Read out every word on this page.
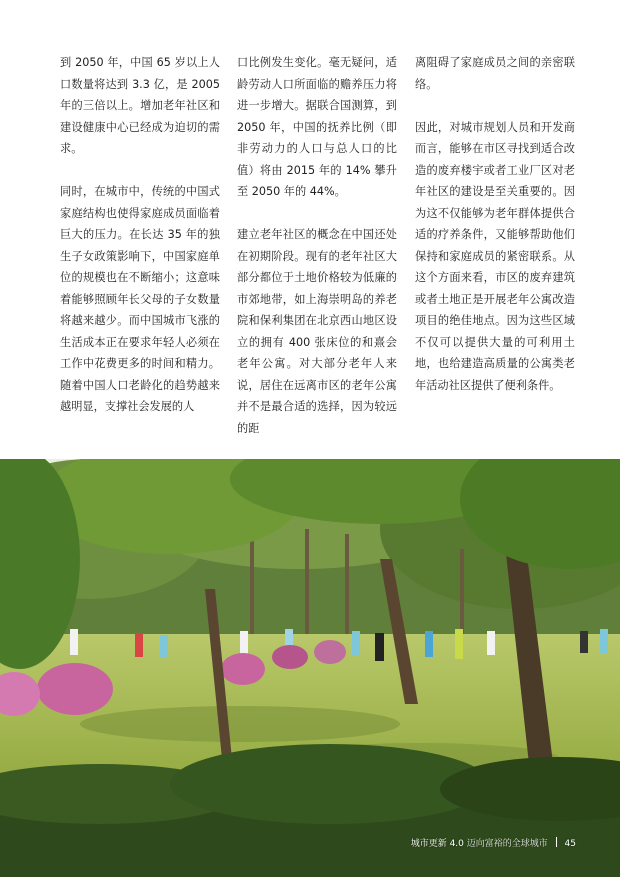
到 2050 年，中国 65 岁以上人口数量将达到 3.3 亿，是 2005 年的三倍以上。增加老年社区和建设健康中心已经成为迫切的需求。

同时，在城市中，传统的中国式家庭结构也使得家庭成员面临着巨大的压力。在长达 35 年的独生子女政策影响下，中国家庭单位的规模也在不断缩小；这意味着能够照顾年长父母的子女数量将越来越少。而中国城市飞涨的生活成本正在要求年轻人必须在工作中花费更多的时间和精力。随着中国人口老龄化的趋势越来越明显，支撑社会发展的人

口比例发生变化。毫无疑问，适龄劳动人口所面临的赡养压力将进一步增大。据联合国测算，到 2050 年，中国的抚养比例（即非劳动力的人口与总人口的比值）将由 2015 年的 14% 攀升至 2050 年的 44%。

建立老年社区的概念在中国还处在初期阶段。现有的老年社区大部分都位于土地价格较为低廉的市郊地带，如上海崇明岛的养老院和保利集团在北京西山地区设立的拥有 400 张床位的和熹会老年公寓。对大部分老年人来说，居住在远离市区的老年公寓并不是最合适的选择，因为较远的距

离阻碍了家庭成员之间的亲密联络。

因此，对城市规划人员和开发商而言，能够在市区寻找到适合改造的废弃楼宇或者工业厂区对老年社区的建设是至关重要的。因为这不仅能够为老年群体提供合适的疗养条件，又能够帮助他们保持和家庭成员的紧密联系。从这个方面来看，市区的废弃建筑或者土地正是开展老年公寓改造项目的绝佳地点。因为这些区域不仅可以提供大量的可利用土地，也给建造高质量的公寓类老年活动社区提供了便利条件。

城市更新 4.0 迈向富裕的全球城市 45
